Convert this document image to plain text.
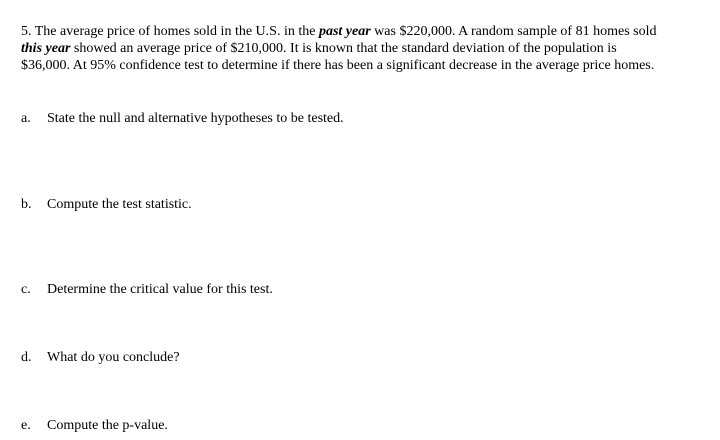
5. The average price of homes sold in the U.S. in the past year was $220,000. A random sample of 81 homes sold this year showed an average price of $210,000. It is known that the standard deviation of the population is $36,000. At 95% confidence test to determine if there has been a significant decrease in the average price homes.
a. State the null and alternative hypotheses to be tested.
b. Compute the test statistic.
c. Determine the critical value for this test.
d. What do you conclude?
e. Compute the p-value.
